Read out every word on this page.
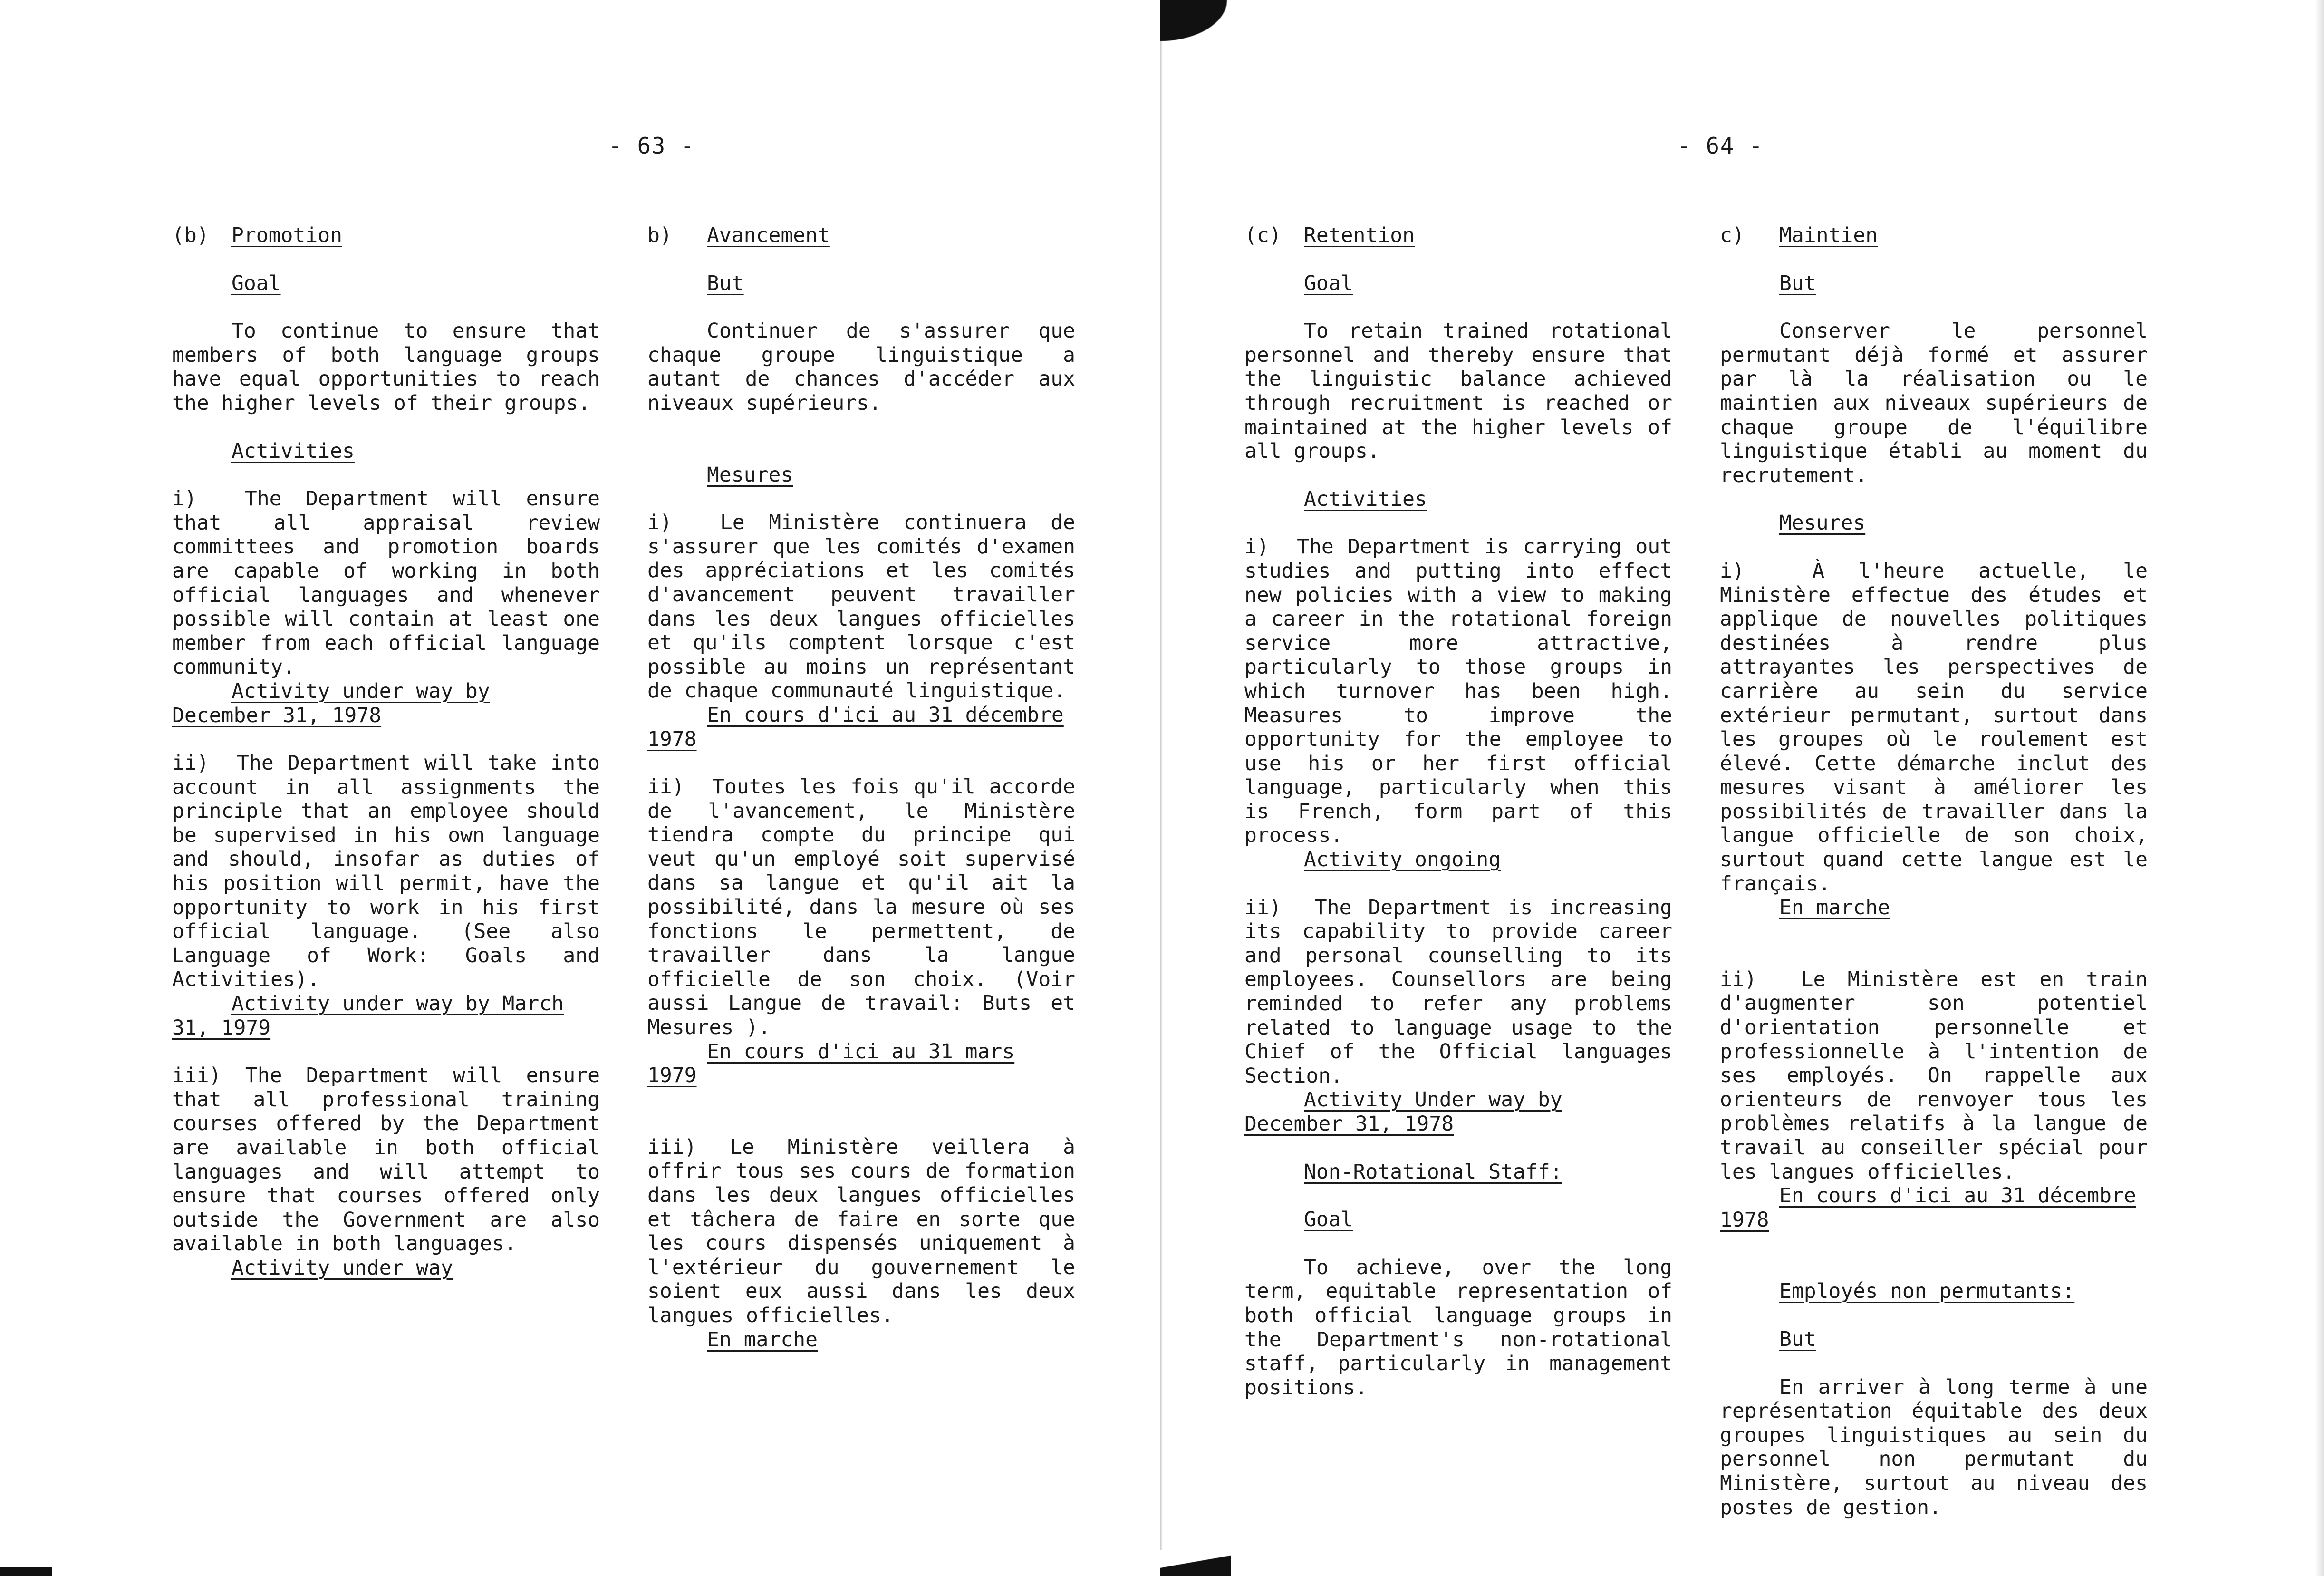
- 63 -
(b)	Promotion
Goal

To continue to ensure that members of both language groups have equal opportunities to reach the higher levels of their groups.

Activities

i) The Department will ensure that all appraisal review committees and promotion boards are capable of working in both official languages and whenever possible will contain at least one member from each official language community.

Activity under way by December 31, 1978

ii) The Department will take into account in all assignments the principle that an employee should be supervised in his own language and should, insofar as duties of his position will permit, have the opportunity to work in his first official language. (See also Language of Work: Goals and Activities).

Activity under way by March 31, 1979

iii) The Department will ensure that all professional training courses offered by the Department are available in both official languages and will attempt to ensure that courses offered only outside the Government are also available in both languages.

Activity under way
b)	Avancement
But

Continuer de s'assurer que chaque groupe linguistique a autant de chances d'accéder aux niveaux supérieurs.

Mesures

i) Le Ministère continuera de s'assurer que les comités d'examen des appréciations et les comités d'avancement peuvent travailler dans les deux langues officielles et qu'ils comptent lorsque c'est possible au moins un représentant de chaque communauté linguistique.

En cours d'ici au 31 décembre 1978

ii) Toutes les fois qu'il accorde de l'avancement, le Ministère tiendra compte du principe qui veut qu'un employé soit supervisé dans sa langue et qu'il ait la possibilité, dans la mesure où ses fonctions le permettent, de travailler dans la langue officielle de son choix. (Voir aussi Langue de travail: Buts et Mesures ).

En cours d'ici au 31 mars 1979

iii) Le Ministère veillera à offrir tous ses cours de formation dans les deux langues officielles et tâchera de faire en sorte que les cours dispensés uniquement à l'extérieur du gouvernement le soient eux aussi dans les deux langues officielles.

En marche
- 64 -
(c)	Retention
Goal

To retain trained rotational personnel and thereby ensure that the linguistic balance achieved through recruitment is reached or maintained at the higher levels of all groups.

Activities

i) The Department is carrying out studies and putting into effect new policies with a view to making a career in the rotational foreign service more attractive, particularly to those groups in which turnover has been high. Measures to improve the opportunity for the employee to use his or her first official language, particularly when this is French, form part of this process.

Activity ongoing

ii) The Department is increasing its capability to provide career and personal counselling to its employees. Counsellors are being reminded to refer any problems related to language usage to the Chief of the Official languages Section.

Activity Under way by December 31, 1978
Non-Rotational Staff:
Goal

To achieve, over the long term, equitable representation of both official language groups in the Department's non-rotational staff, particularly in management positions.

c)	Maintien
But

Conserver le personnel permutant déjà formé et assurer par là la réalisation ou le maintien aux niveaux supérieurs de chaque groupe de l'équilibre linguistique établi au moment du recrutement.

Mesures

i)	À l'heure actuelle, le Ministère effectue des études et applique de nouvelles politiques destinées à rendre plus attrayantes les perspectives de carrière au sein du service extérieur permutant, surtout dans les groupes où le roulement est élevé. Cette démarche inclut des mesures visant à améliorer les possibilités de travailler dans la langue officielle de son choix, surtout quand cette langue est le français.

En marche

ii) Le Ministère est en train d'augmenter son potentiel d'orientation personnelle et professionnelle à l'intention de ses employés. On rappelle aux orienteurs de renvoyer tous les problèmes relatifs à la langue de travail au conseiller spécial pour les langues officielles.

En cours d'ici au 31 décembre 1978
Employés non permutants:
But

En arriver à long terme à une représentation équitable des deux groupes linguistiques au sein du personnel non permutant du Ministère, surtout au niveau des postes de gestion.
